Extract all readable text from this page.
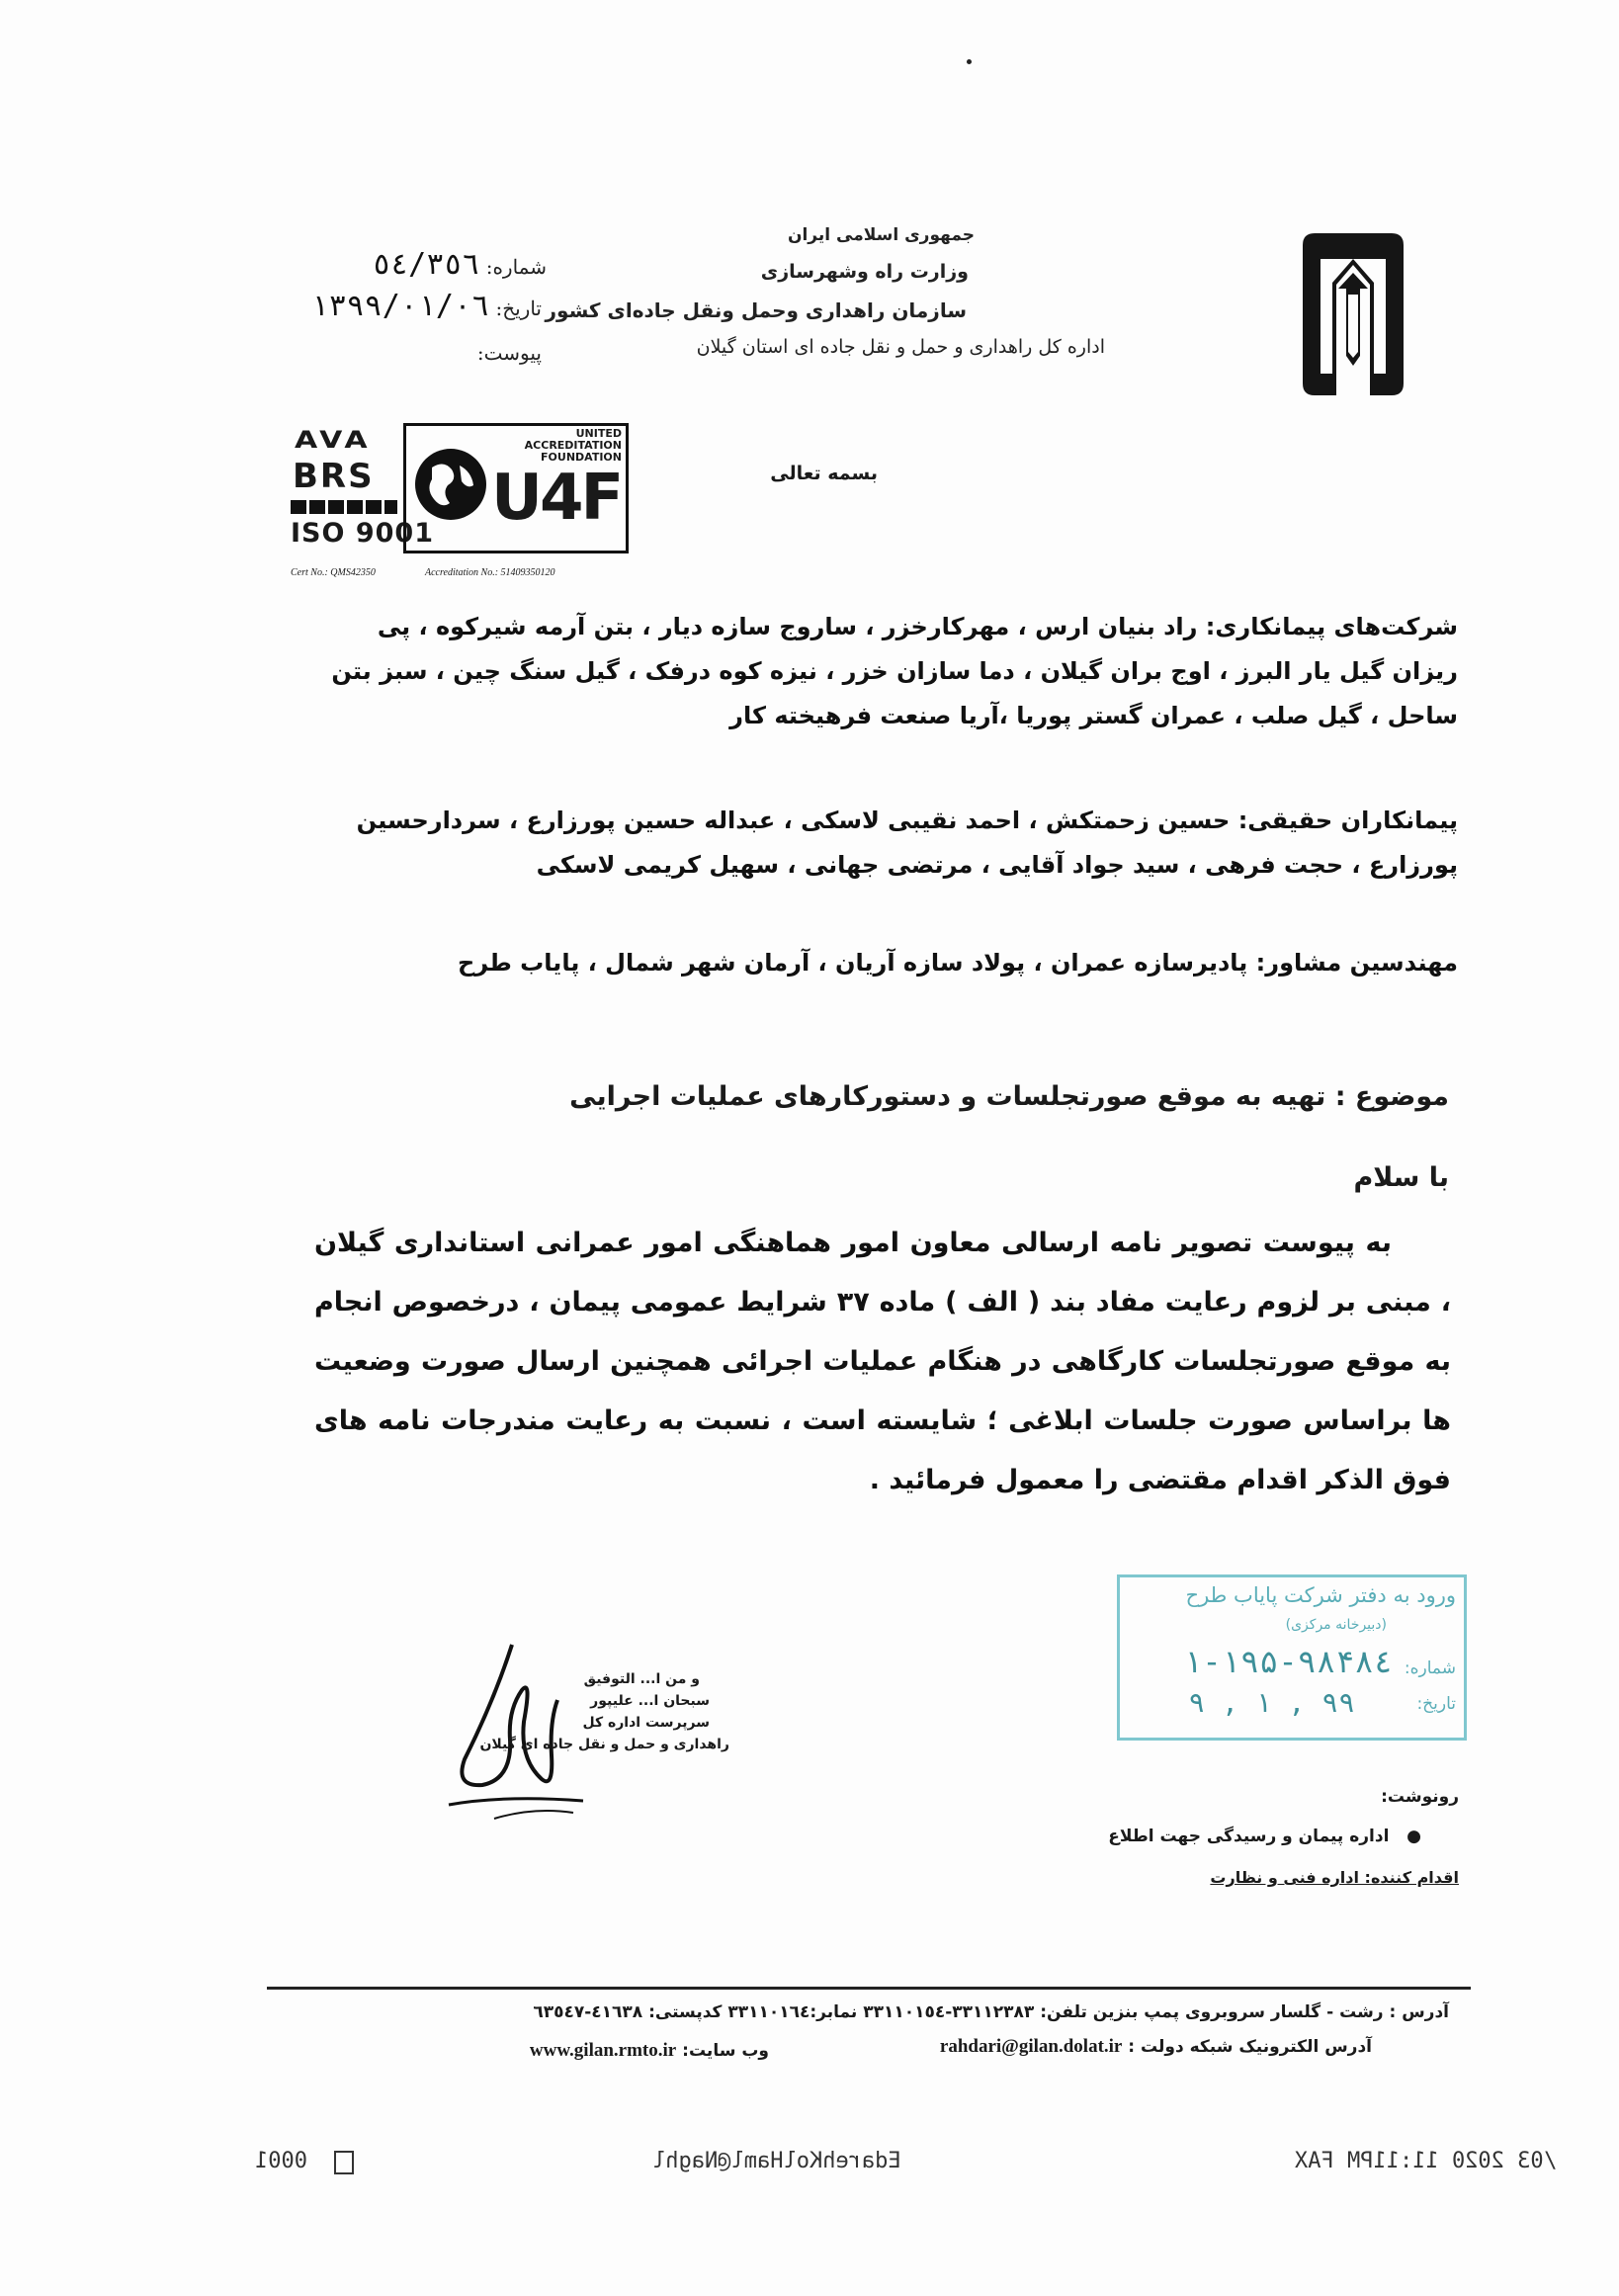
جمهوری اسلامی ایران
وزارت راه وشهرسازی
سازمان راهداری وحمل ونقل جاده‌ای کشور
اداره کل راهداری و حمل و نقل جاده ای استان گیلان
شماره: ٥٤/٣٥٦
تاریخ: ١٣٩٩/٠١/٠٦
پیوست:
بسمه تعالی
AVA
BRS
ISO 9001
UNITED
ACCREDITATION
FOUNDATION
U4F
Cert No.: QMS42350	Accreditation No.: 51409350120
شرکت‌های پیمانکاری: راد بنیان ارس ، مهرکارخزر ، ساروج سازه دیار ، بتن آرمه شیرکوه ، پی ریزان گیل یار البرز ، اوج بران گیلان ، دما سازان خزر ، نیزه کوه درفک ، گیل سنگ چین ، سبز بتن ساحل ، گیل صلب ، عمران گستر پوریا ،آریا صنعت فرهیخته کار
پیمانکاران حقیقی: حسین زحمتکش ، احمد نقیبی لاسکی ، عبداله حسین پورزارع ، سردارحسین پورزارع ، حجت فرهی ، سید جواد آقایی ، مرتضی جهانی ، سهیل کریمی لاسکی
مهندسین مشاور: پادیرسازه عمران ، پولاد سازه آریان ، آرمان شهر شمال ، پایاب طرح
موضوع : تهیه به موقع صورتجلسات و دستورکارهای عملیات اجرایی
با سلام
به پیوست تصویر نامه ارسالی معاون امور هماهنگی امور عمرانی استانداری گیلان ، مبنی بر لزوم رعایت مفاد بند ( الف ) ماده ۳۷ شرایط عمومی پیمان ، درخصوص انجام به موقع صورتجلسات کارگاهی در هنگام عملیات اجرائی همچنین ارسال صورت وضعیت ها براساس صورت جلسات ابلاغی ؛ شایسته است ، نسبت به رعایت مندرجات نامه های فوق الذکر اقدام مقتضی را معمول فرمائید .
ورود به دفتر شرکت پایاب طرح
(دبیرخانه مرکزی)
شماره:
۱-۱۹۵-۹۸۴۸٤
تاریخ:
۹۹ , ۱ , ۹
و من ا... التوفیق
سبحان ا... علیپور
سرپرست اداره کل
راهداری و حمل و نقل جاده ای گیلان
رونوشت:
●   اداره پیمان و رسیدگی جهت اطلاع
اقدام کننده: اداره فنی و نظارت
آدرس : رشت - گلسار سروبروی پمپ بنزین تلفن: ٣٣١١٢٣٨٣-٣٣١١٠١٥٤ نمابر:٣٣١١٠١٦٤ کدپستی: ٤١٦٣٨-٦٣٥٤٧
آدرس الکترونیک شبکه دولت : rahdari@gilan.dolat.ir
وب سایت: www.gilan.rmto.ir
0001	EdarehKolHaml@Naghl	/03 2020 11:11PM FAX
